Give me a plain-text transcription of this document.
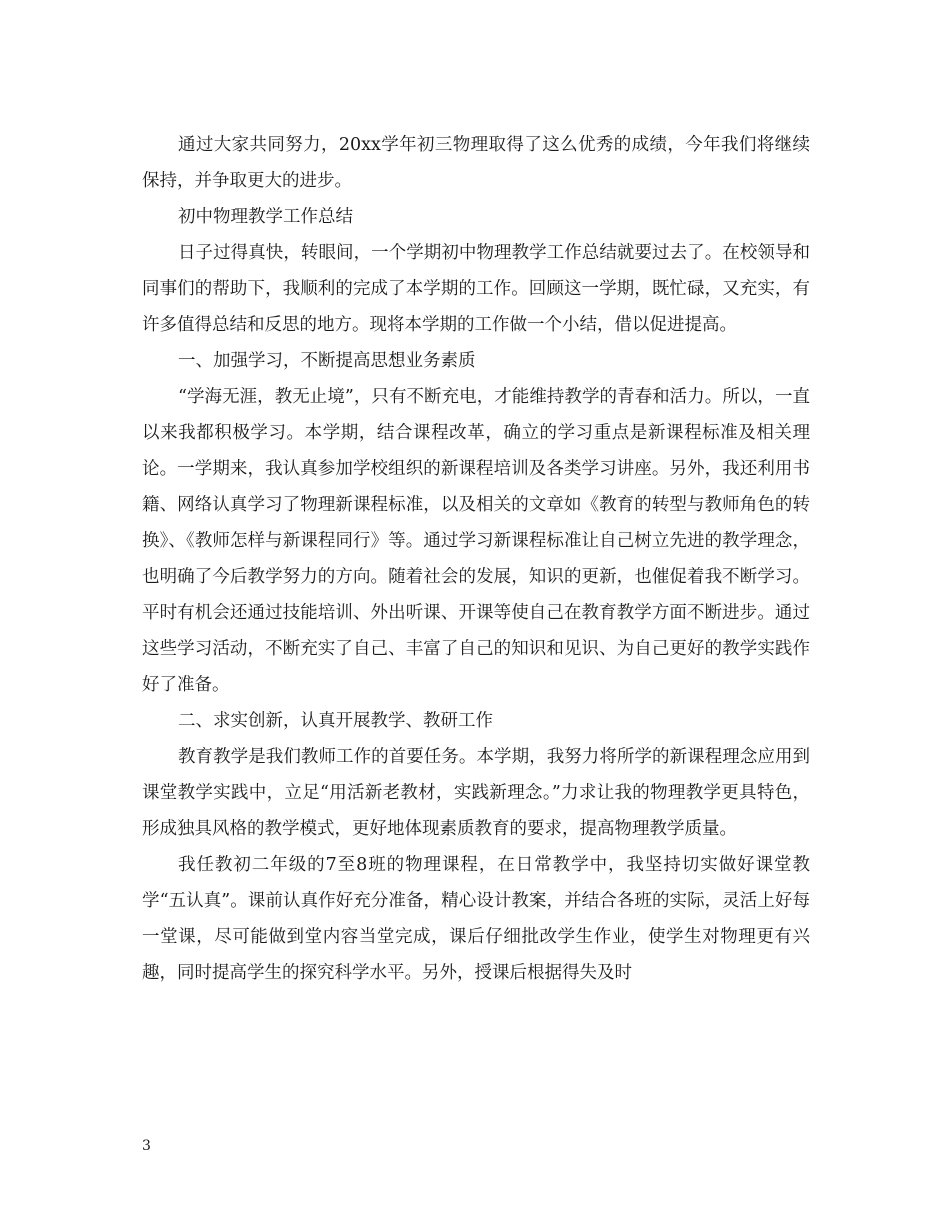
通过大家共同努力，20xx学年初三物理取得了这么优秀的成绩，今年我们将继续保持，并争取更大的进步。

初中物理教学工作总结

日子过得真快，转眼间，一个学期初中物理教学工作总结就要过去了。在校领导和同事们的帮助下，我顺利的完成了本学期的工作。回顾这一学期，既忙碌，又充实，有许多值得总结和反思的地方。现将本学期的工作做一个小结，借以促进提高。

一、加强学习，不断提高思想业务素质

“学海无涯，教无止境”，只有不断充电，才能维持教学的青春和活力。所以，一直以来我都积极学习。本学期，结合课程改革，确立的学习重点是新课程标准及相关理论。一学期来，我认真参加学校组织的新课程培训及各类学习讲座。另外，我还利用书籍、网络认真学习了物理新课程标准，以及相关的文章如《教育的转型与教师角色的转换》、《教师怎样与新课程同行》等。通过学习新课程标准让自己树立先进的教学理念，也明确了今后教学努力的方向。随着社会的发展，知识的更新，也催促着我不断学习。平时有机会还通过技能培训、外出听课、开课等使自己在教育教学方面不断进步。通过这些学习活动，不断充实了自己、丰富了自己的知识和见识、为自己更好的教学实践作好了准备。

二、求实创新，认真开展教学、教研工作

教育教学是我们教师工作的首要任务。本学期，我努力将所学的新课程理念应用到课堂教学实践中，立足“用活新老教材，实践新理念。”力求让我的物理教学更具特色，形成独具风格的教学模式，更好地体现素质教育的要求，提高物理教学质量。

我任教初二年级的7至8班的物理课程，在日常教学中，我坚持切实做好课堂教学“五认真”。课前认真作好充分准备，精心设计教案，并结合各班的实际，灵活上好每一堂课，尽可能做到堂内容当堂完成，课后仔细批改学生作业，使学生对物理更有兴趣，同时提高学生的探究科学水平。另外，授课后根据得失及时

3
